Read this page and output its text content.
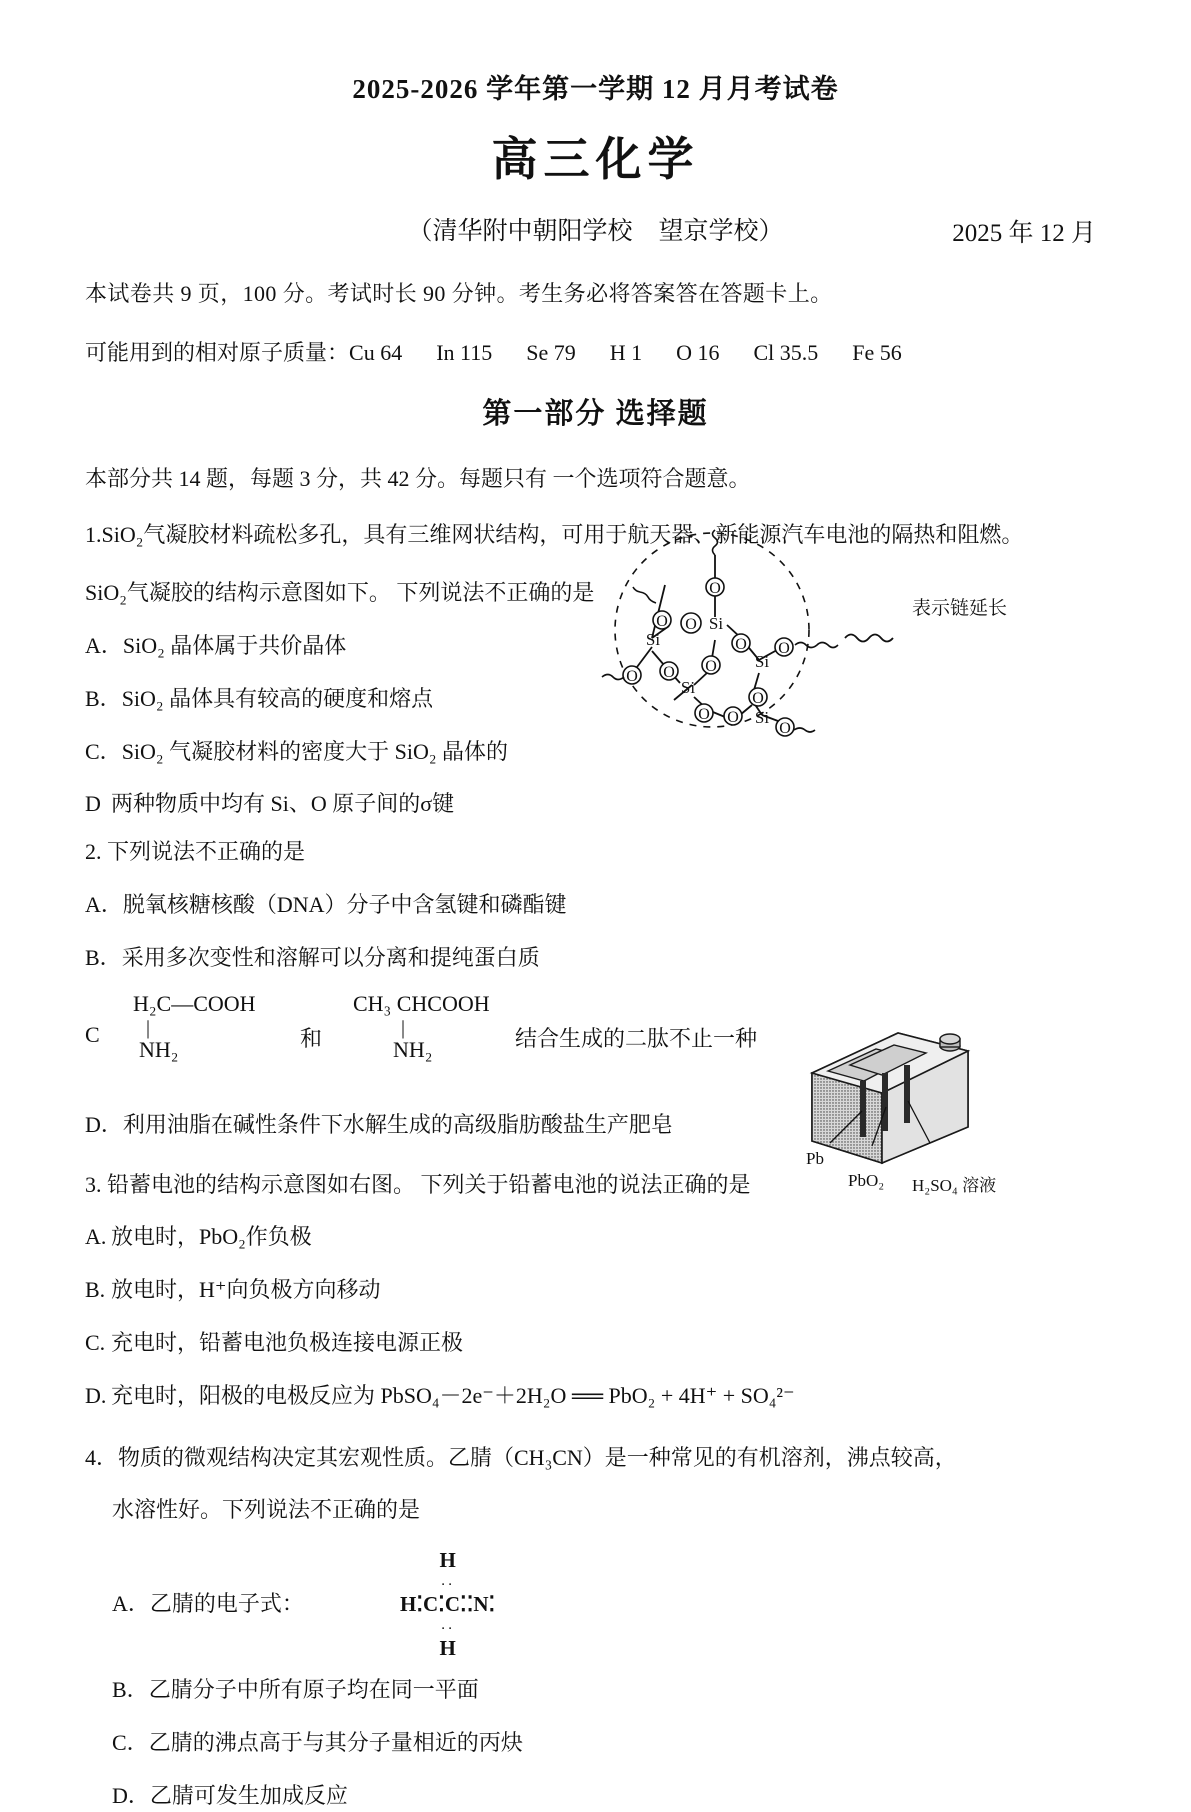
2025-2026 学年第一学期 12 月月考试卷
高三化学
（清华附中朝阳学校 望京学校）	2025 年 12 月
本试卷共 9 页，100 分。考试时长 90 分钟。考生务必将答案答在答题卡上。
可能用到的相对原子质量：Cu 64 In 115 Se 79 H 1 O 16 Cl 35.5 Fe 56
第一部分 选择题
本部分共 14 题，每题 3 分，共 42 分。每题只有 一个选项符合题意。
1.SiO₂气凝胶材料疏松多孔，具有三维网状结构，可用于航天器、新能源汽车电池的隔热和阻燃。
SiO₂气凝胶的结构示意图如下。 下列说法不正确的是
A．SiO₂ 晶体属于共价晶体
B．SiO₂ 晶体具有较高的硬度和熔点
C．SiO₂ 气凝胶材料的密度大于 SiO₂ 晶体的
D 两种物质中均有 Si、O 原子间的σ键
O
O
O Si
Si
O
O
O
O
Si
O
Si
O
O
Si
O
O
表示链延长
2. 下列说法不正确的是
A．脱氧核糖核酸（DNA）分子中含氢键和磷酯键
B．采用多次变性和溶解可以分离和提纯蛋白质
C
H₂C—COOH
|
NH₂	和
CH₃ CHCOOH
|
NH₂	结合生成的二肽不止一种
D．利用油脂在碱性条件下水解生成的高级脂肪酸盐生产肥皂
3. 铅蓄电池的结构示意图如右图。 下列关于铅蓄电池的说法正确的是
A. 放电时，PbO₂作负极
B. 放电时，H⁺向负极方向移动
C. 充电时，铅蓄电池负极连接电源正极
D. 充电时，阳极的电极反应为 PbSO₄－2e⁻＋2H₂O ══ PbO₂ + 4H⁺ + SO₄²⁻
Pb
PbO₂ H₂SO₄ 溶液
4．物质的微观结构决定其宏观性质。乙腈（CH₃CN）是一种常见的有机溶剂，沸点较高，
水溶性好。下列说法不正确的是
A．乙腈的电子式：
H
··
H⁚C⁚C⁚⁚N⁚
··
H
B．乙腈分子中所有原子均在同一平面
C．乙腈的沸点高于与其分子量相近的丙炔
D．乙腈可发生加成反应
